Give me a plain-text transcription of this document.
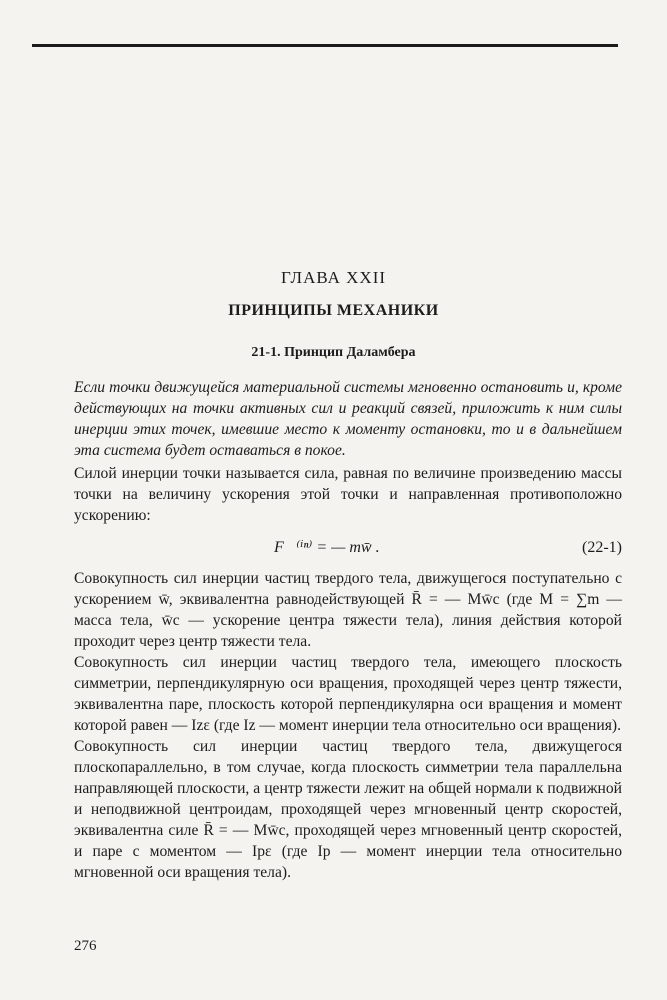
ГЛАВА XXII
ПРИНЦИПЫ МЕХАНИКИ
21-1. Принцип Даламбера

Если точки движущейся материальной системы мгновенно остановить и, кроме действующих на точки активных сил и реакций связей, приложить к ним силы инерции этих точек, имевшие место к моменту остановки, то и в дальнейшем эта система будет оставаться в покое.

Силой инерции точки называется сила, равная по величине произведению массы точки на величину ускорения этой точки и направленная противоположно ускорению:

F⃗⁽ⁱⁿ⁾ = — mw̄ .	(22-1)

Совокупность сил инерции частиц твердого тела, движущегося поступательно с ускорением w̄, эквивалентна равнодействующей R̄ = — Mw̄c (где M = ∑m — масса тела, w̄c — ускорение центра тяжести тела), линия действия которой проходит через центр тяжести тела.

Совокупность сил инерции частиц твердого тела, имеющего плоскость симметрии, перпендикулярную оси вращения, проходящей через центр тяжести, эквивалентна паре, плоскость которой перпендикулярна оси вращения и момент которой равен — Izε (где Iz — момент инерции тела относительно оси вращения).

Совокупность сил инерции частиц твердого тела, движущегося плоскопараллельно, в том случае, когда плоскость симметрии тела параллельна направляющей плоскости, а центр тяжести лежит на общей нормали к подвижной и неподвижной центроидам, проходящей через мгновенный центр скоростей, эквивалентна силе R̄ = — Mw̄c, проходящей через мгновенный центр скоростей, и паре с моментом — Ipε (где Ip — момент инерции тела относительно мгновенной оси вращения тела).

276
